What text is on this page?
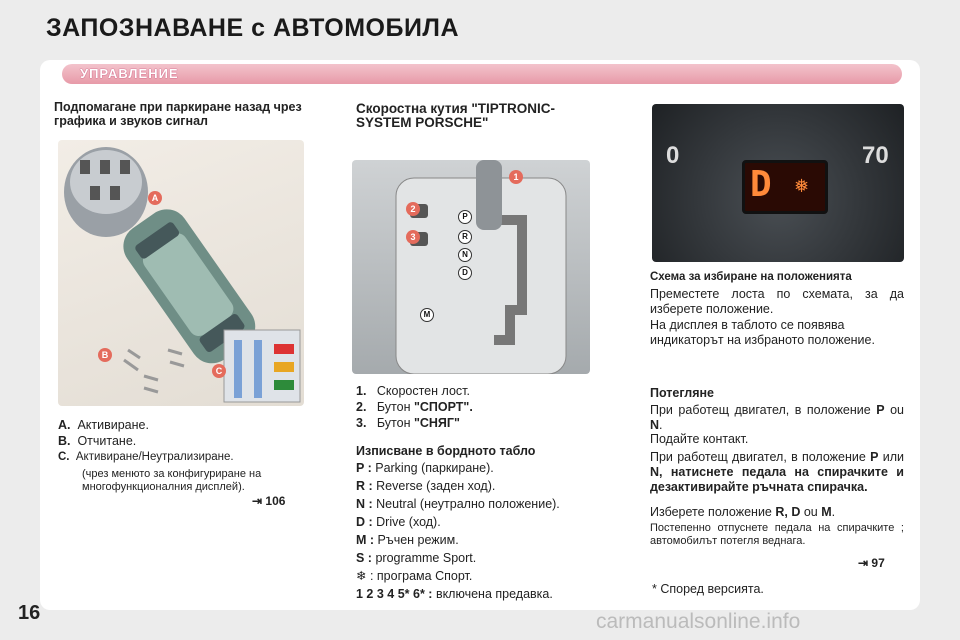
ЗАПОЗНАВАНЕ с АВТОМОБИЛА
УПРАВЛЕНИЕ
Подпомагане при паркиране назад чрез графика и звуков сигнал
A
B
C
A. Активиране.
B. Отчитане.
C. Активиране/Неутрализиране.
(чрез менюто за конфигуриране на многофункционалния дисплей).
⇥ 106
Скоростна кутия "TIPTRONIC-SYSTEM PORSCHE"
1
2
3
P
R
N
D
M
1. Скоростен лост.
2. Бутон "СПОРТ".
3. Бутон "СНЯГ"
Изписване в бордното табло
P : Parking (паркиране).
R : Reverse (заден ход).
N : Neutral (неутрално положение).
D : Drive (ход).
M : Ръчен режим.
S : programme Sport.
❄ : програма Спорт.
1 2 3 4 5* 6* : включена предавка.
D ❅
0	70
Схема за избиране на положенията
Преместете лоста по схемата, за да изберете положение.
На дисплея в таблото се появява индикаторът на избраното положение.
Потегляне
При работещ двигател, в положение P ou N.
Подайте контакт.
При работещ двигател, в положение P или N, натиснете педала на спирачките и дезактивирайте ръчната спирачка.
Изберете положение R, D ou M.
Постепенно отпуснете педала на спирачките ; автомобилът потегля веднага.
⇥ 97
* Според версията.
16	carmanualsonline.info
